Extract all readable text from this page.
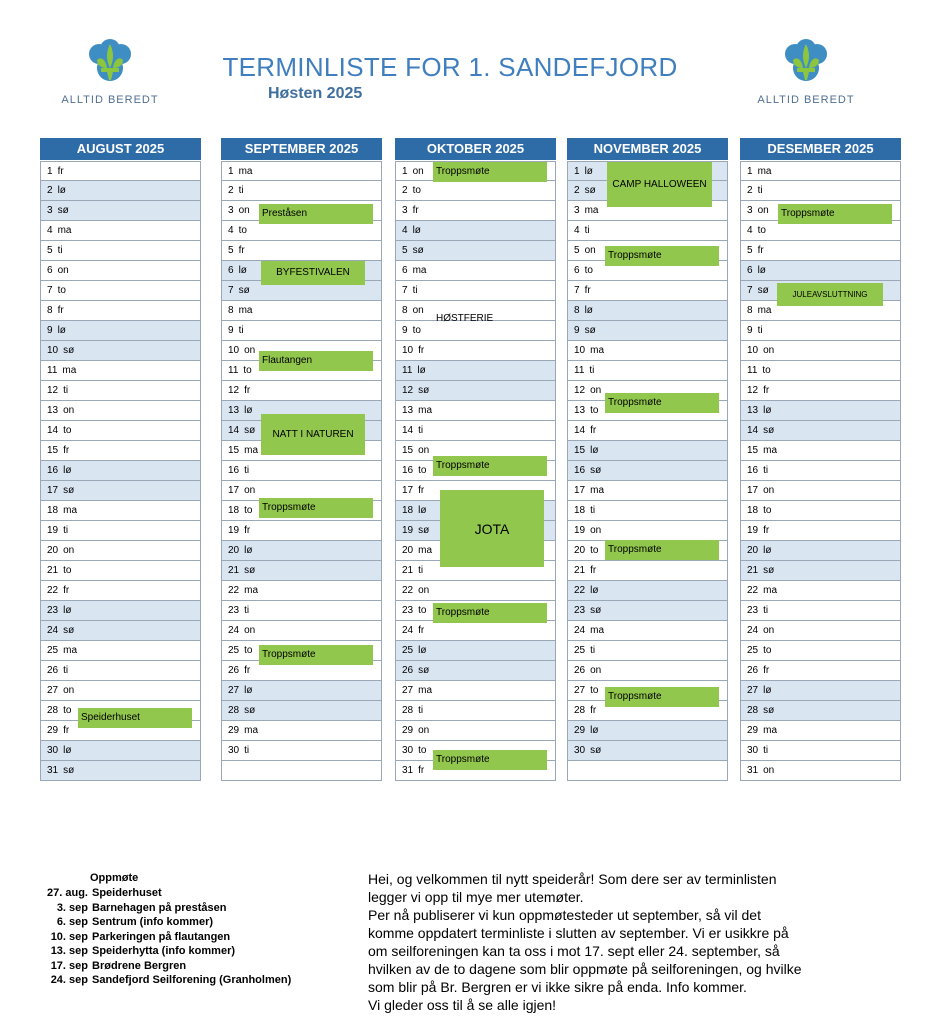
ALLTID BEREDT
TERMINLISTE FOR 1. SANDEFJORD
Høsten 2025	ALLTID BEREDT
AUGUST 2025
1 fr
2 lø
3 sø
4 ma
5 ti
6 on
7 to
8 fr
9 lø
10 sø
11 ma
12 ti
13 on
14 to
15 fr
16 lø
17 sø
18 ma
19 ti
20 on
21 to
22 fr
23 lø
24 sø
25 ma
26 ti
27 on
28 to
29 fr
30 lø
31 sø
Speiderhuset
SEPTEMBER 2025
1 ma
2 ti
3 on
4 to
5 fr
6 lø
7 sø
8 ma
9 ti
10 on
11 to
12 fr
13 lø
14 sø
15 ma
16 ti
17 on
18 to
19 fr
20 lø
21 sø
22 ma
23 ti
24 on
25 to
26 fr
27 lø
28 sø
29 ma
30 ti
Preståsen
BYFESTIVALEN
Flautangen
NATT I NATUREN
Troppsmøte
Troppsmøte
OKTOBER 2025
1 on
2 to
3 fr
4 lø
5 sø
6 ma
7 ti
8 on
9 to
10 fr
11 lø
12 sø
13 ma
14 ti
15 on
16 to
17 fr
18 lø
19 sø
20 ma
21 ti
22 on
23 to
24 fr
25 lø
26 sø
27 ma
28 ti
29 on
30 to
31 fr
Troppsmøte
HØSTFERIE
Troppsmøte
JOTA
Troppsmøte
Troppsmøte
NOVEMBER 2025
1 lø
2 sø
3 ma
4 ti
5 on
6 to
7 fr
8 lø
9 sø
10 ma
11 ti
12 on
13 to
14 fr
15 lø
16 sø
17 ma
18 ti
19 on
20 to
21 fr
22 lø
23 sø
24 ma
25 ti
26 on
27 to
28 fr
29 lø
30 sø
CAMP HALLOWEEN
Troppsmøte
Troppsmøte
Troppsmøte
Troppsmøte
DESEMBER 2025
1 ma
2 ti
3 on
4 to
5 fr
6 lø
7 sø
8 ma
9 ti
10 on
11 to
12 fr
13 lø
14 sø
15 ma
16 ti
17 on
18 to
19 fr
20 lø
21 sø
22 ma
23 ti
24 on
25 to
26 fr
27 lø
28 sø
29 ma
30 ti
31 on
Troppsmøte
JULEAVSLUTTNING
Oppmøte
27. aug. Speiderhuset
3. sep Barnehagen på preståsen
6. sep Sentrum (info kommer)
10. sep Parkeringen på flautangen
13. sep Speiderhytta (info kommer)
17. sep Brødrene Bergren
24. sep Sandefjord Seilforening (Granholmen)
Hei, og velkommen til nytt speiderår! Som dere ser av terminlisten
legger vi opp til mye mer utemøter.
Per nå publiserer vi kun oppmøtesteder ut september, så vil det
komme oppdatert terminliste i slutten av september. Vi er usikkre på
om seilforeningen kan ta oss i mot 17. sept eller 24. september, så
hvilken av de to dagene som blir oppmøte på seilforeningen, og hvilke
som blir på Br. Bergren er vi ikke sikre på enda. Info kommer.
Vi gleder oss til å se alle igjen!
